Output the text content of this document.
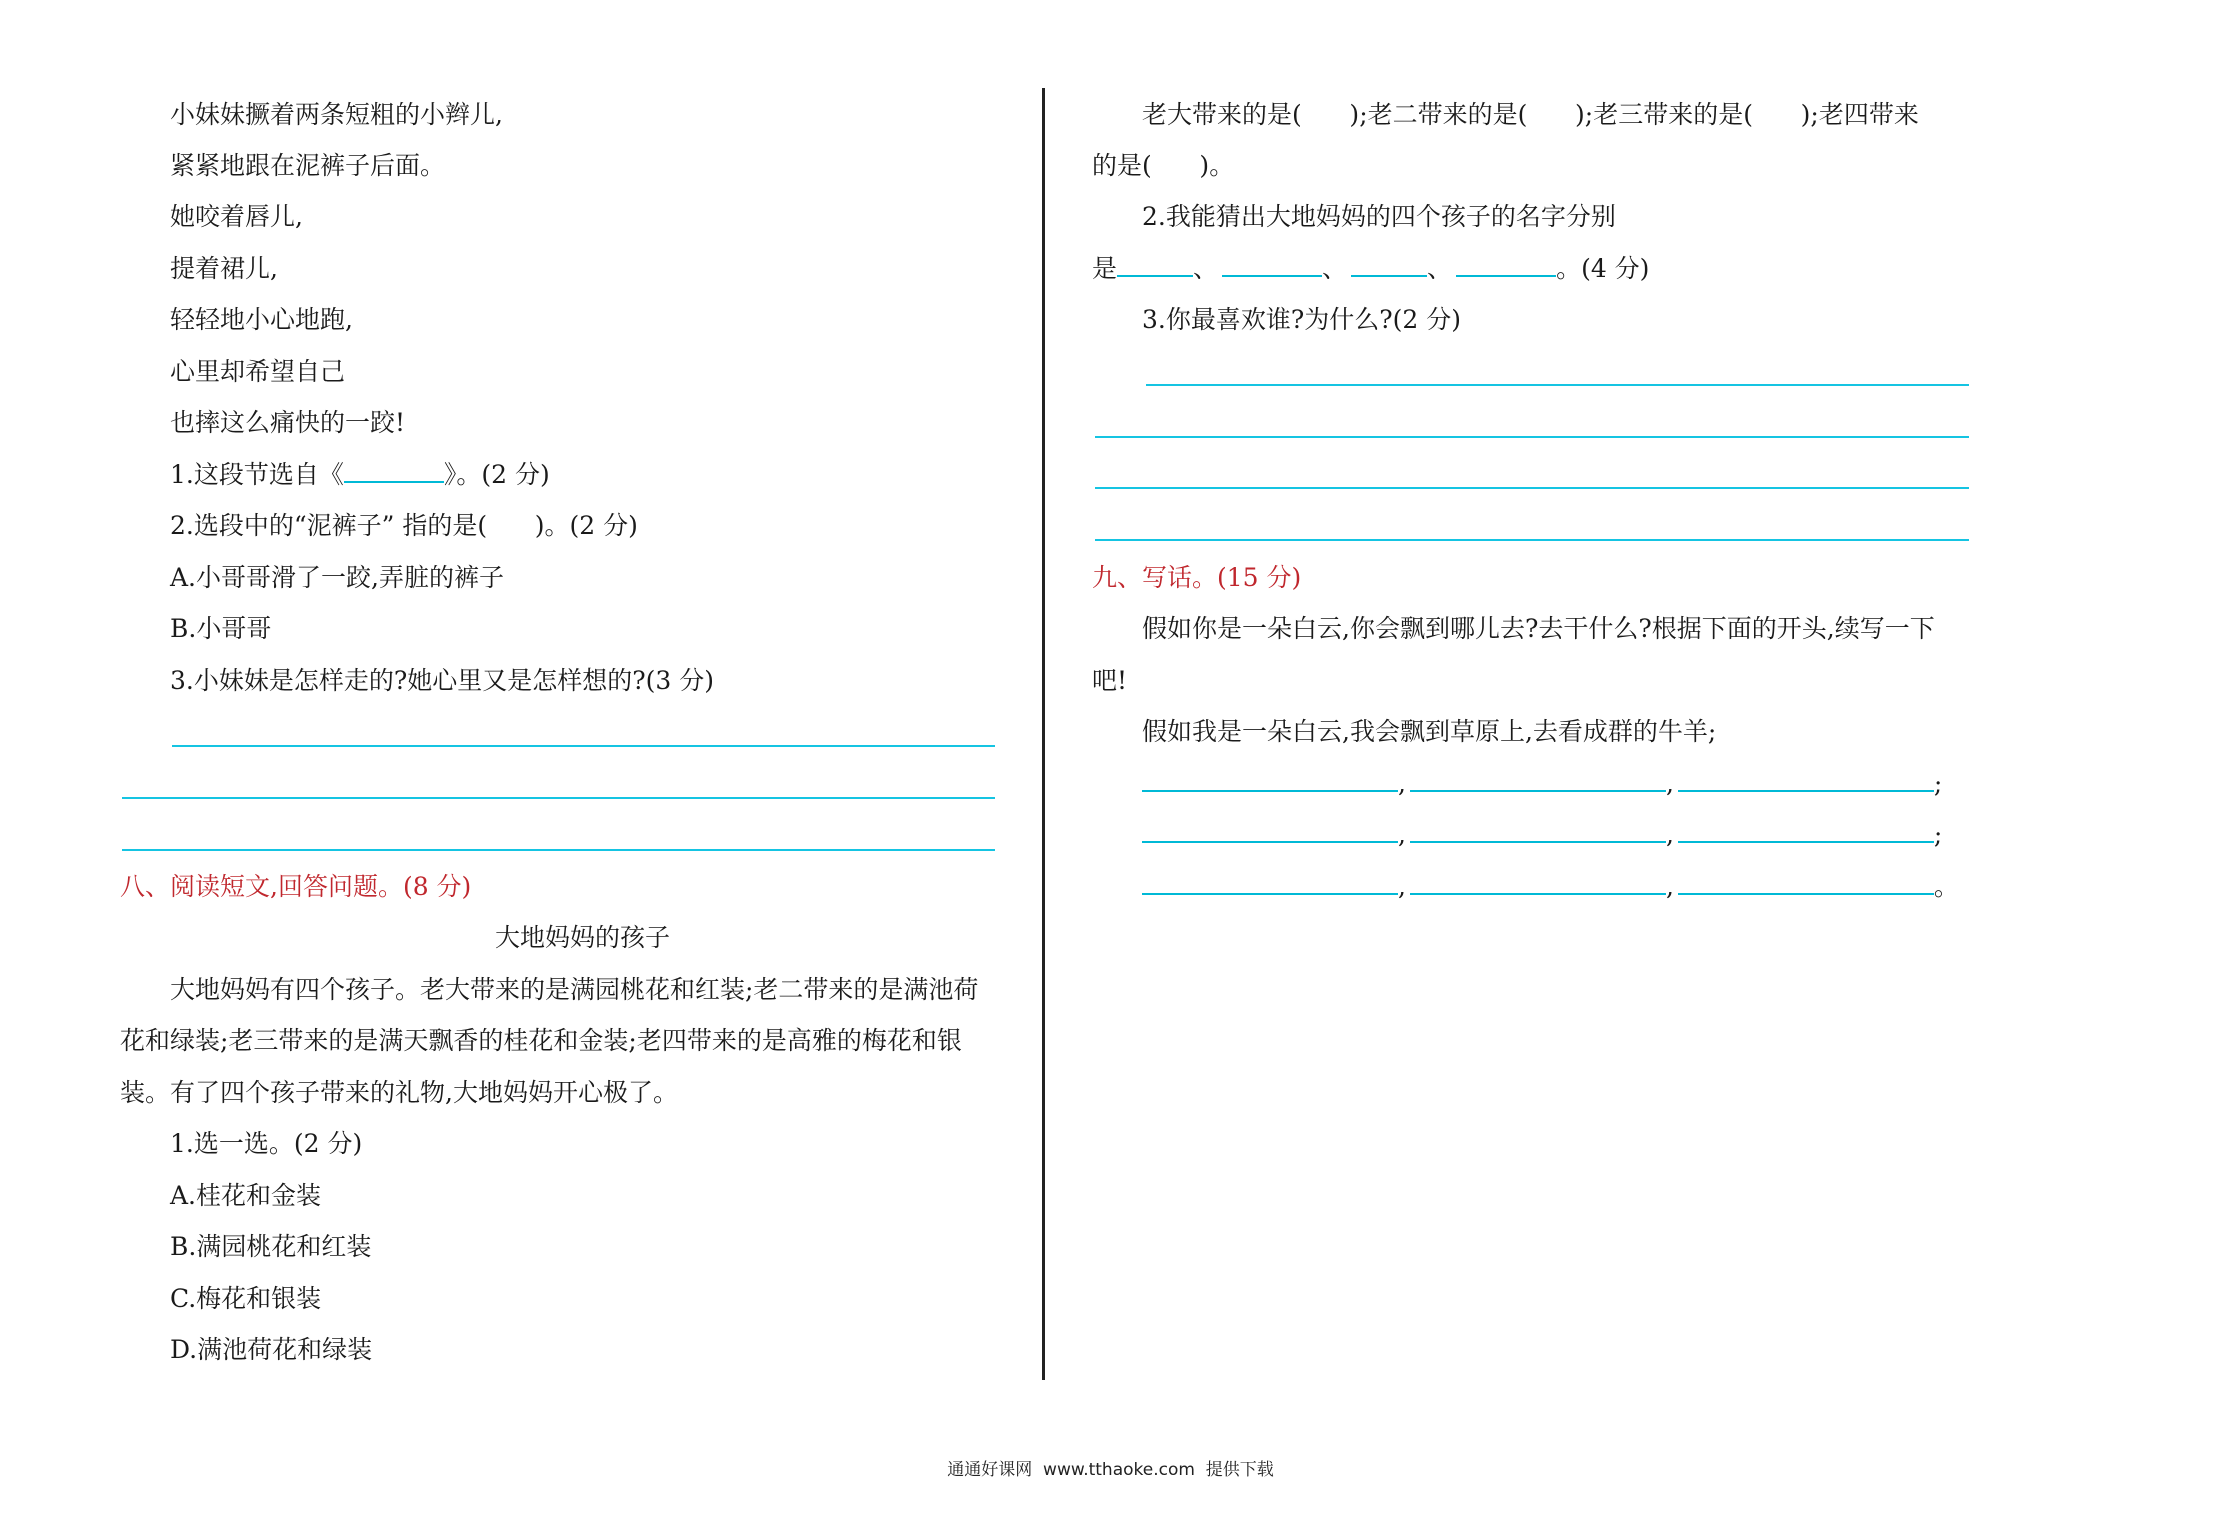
小妹妹撅着两条短粗的小辫儿,
紧紧地跟在泥裤子后面。
她咬着唇儿,
提着裙儿,
轻轻地小心地跑,
心里却希望自己
也摔这么痛快的一跤!
1.这段节选自《	》。(2 分)
2.选段中的“泥裤子” 指的是(      )。(2 分)
A.小哥哥滑了一跤,弄脏的裤子
B.小哥哥
3.小妹妹是怎样走的?她心里又是怎样想的?(3 分)
八、阅读短文,回答问题。(8 分)
大地妈妈的孩子
大地妈妈有四个孩子。老大带来的是满园桃花和红装;老二带来的是满池荷
花和绿装;老三带来的是满天飘香的桂花和金装;老四带来的是高雅的梅花和银
装。有了四个孩子带来的礼物,大地妈妈开心极了。
1.选一选。(2 分)
A.桂花和金装
B.满园桃花和红装
C.梅花和银装
D.满池荷花和绿装
老大带来的是(      );老二带来的是(      );老三带来的是(      );老四带来
的是(      )。
2.我能猜出大地妈妈的四个孩子的名字分别
是	、	、	、	。(4 分)
3.你最喜欢谁?为什么?(2 分)
九、写话。(15 分)
假如你是一朵白云,你会飘到哪儿去?去干什么?根据下面的开头,续写一下
吧!
假如我是一朵白云,我会飘到草原上,去看成群的牛羊;
,	,	;
,	,	;
,	,	。
通通好课网  www.tthaoke.com  提供下载
